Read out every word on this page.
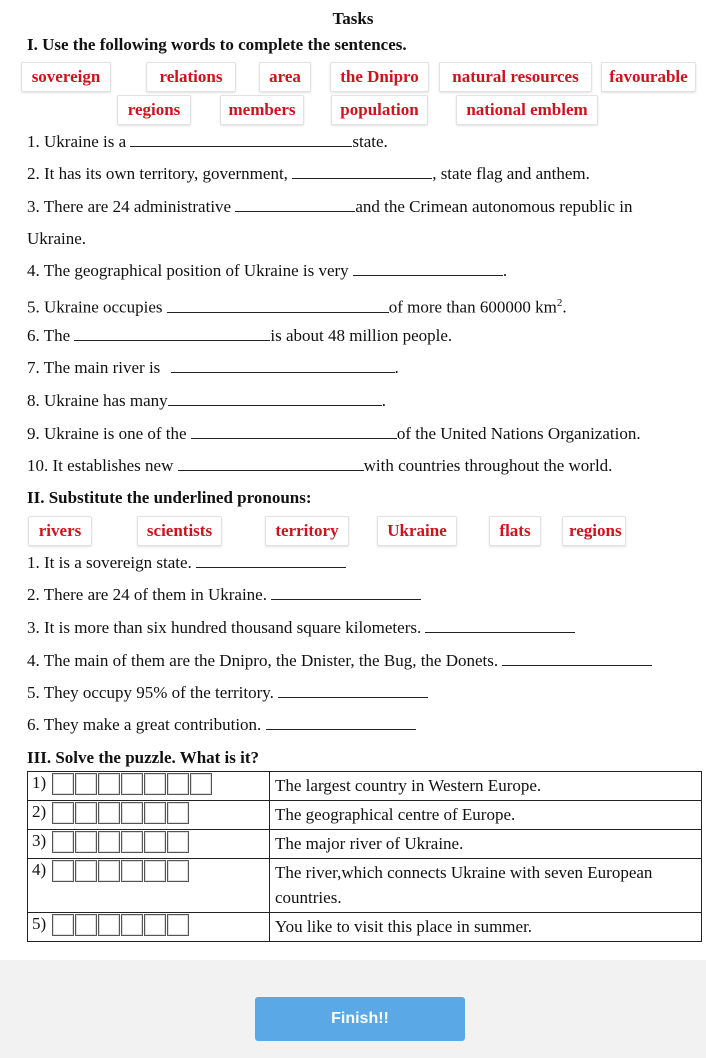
Tasks
I. Use the following words to complete the sentences.
sovereign	relations	area	the Dnipro	natural resources	favourable
regions	members	population	national emblem
1. Ukraine is a	state.
2. It has its own territory, government,	, state flag and anthem.
3. There are 24 administrative	and the Crimean autonomous republic in
Ukraine.
4. The geographical position of Ukraine is very	.
5. Ukraine occupies	of more than 600000 $km^2$.
6. The	is about 48 million people.
7. The main river is	.
8. Ukraine has many	.
9. Ukraine is one of the	of the United Nations Organization.
10. It establishes new	with countries throughout the world.
II. Substitute the underlined pronouns:
rivers	scientists	territory	Ukraine	flats	regions
1. It is a sovereign state.
2. There are 24 of them in Ukraine.
3. It is more than six hundred thousand square kilometers.
4. The main of them are the Dnipro, the Dnister, the Bug, the Donets.
5. They occupy 95% of the territory.
6. They make a great contribution.
III. Solve the puzzle. What is it?
1)	The largest country in Western Europe.
2)	The geographical centre of Europe.
3)	The major river of Ukraine.
4)	The river,which connects Ukraine with seven European countries.
5)	You like to visit this place in summer.
Finish!!
